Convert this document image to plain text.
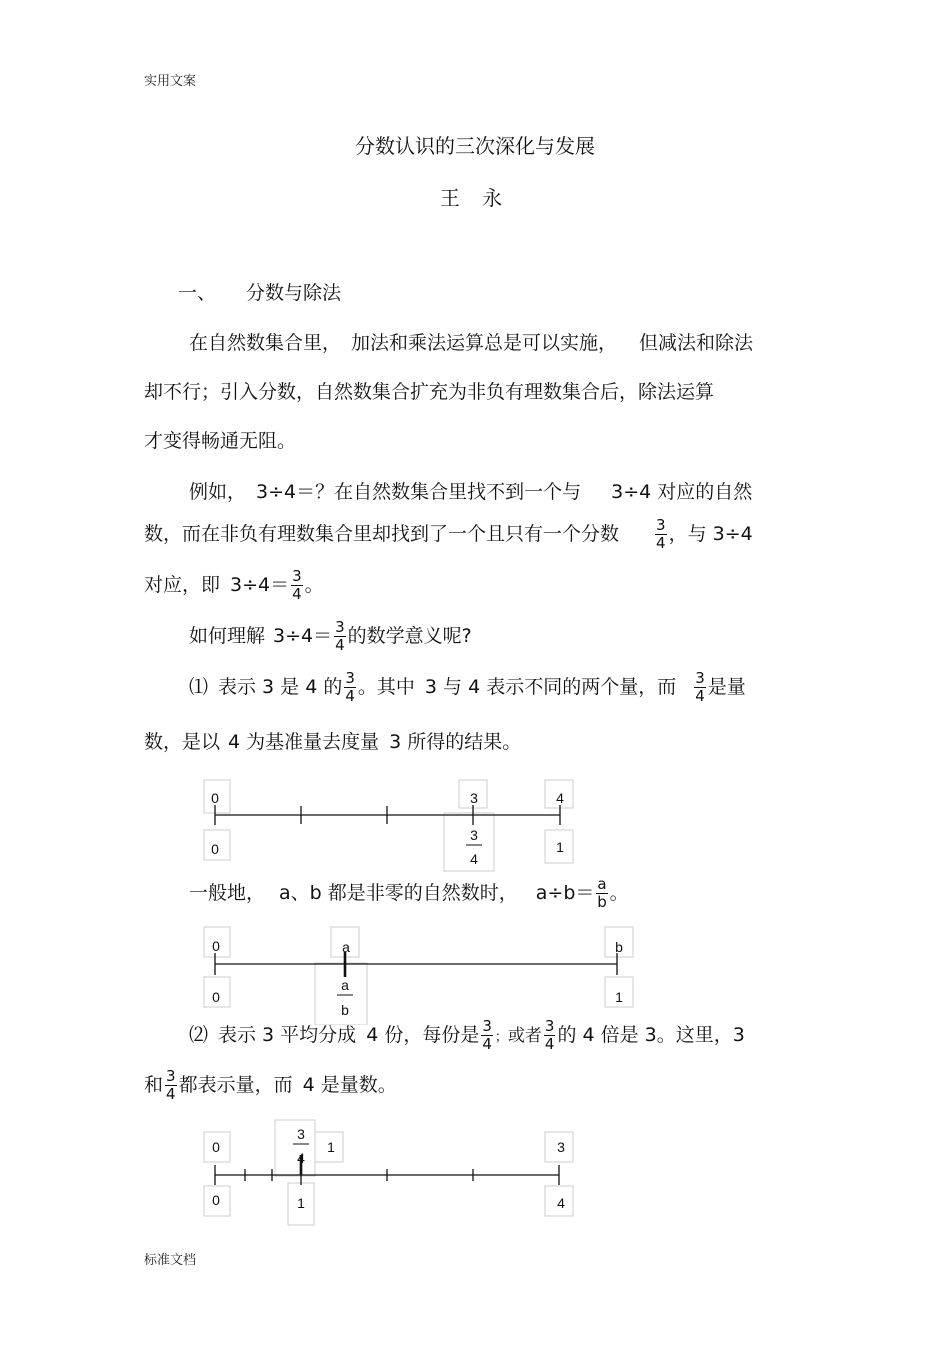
实用文案
标准文档
分数认识的三次深化与发展
王 永
一、 分数与除法
在自然数集合里， 加法和乘法运算总是可以实施， 但减法和除法
却不行；引入分数，自然数集合扩充为非负有理数集合后，除法运算
才变得畅通无阻。
例如， 3÷4＝？在自然数集合里找不到一个与 3÷4 对应的自然
数，而在非负有理数集合里却找到了一个且只有一个分数 $\frac{3}{4}$ ，与 3÷4
对应，即 $3\div 4= \frac{3}{4}$ 。
如何理解 $3\div 4= \frac{3}{4}$ 的数学意义呢?
⑴ 表示 3 是 4 的 $\frac{3}{4}$ 。其中 3 与 4 表示不同的两个量，而 $\frac{3}{4}$ 是量
数，是以 4 为基准量去度量 3 所得的结果。
0	3	4
0	1
3
4
一般地， a、b 都是非零的自然数时， $a\div b= \frac{a}{b}$ 。
0	a	b
0	1
a
b
⑵ 表示 3 平均分成 4 份，每份是 $\frac{3}{4}$ ；或者 $\frac{3}{4}$ 的 4 倍是 3。这里，3
和 $\frac{3}{4}$ 都表示量，而 4 是量数。
0	1	3
0	1	4
3
4
